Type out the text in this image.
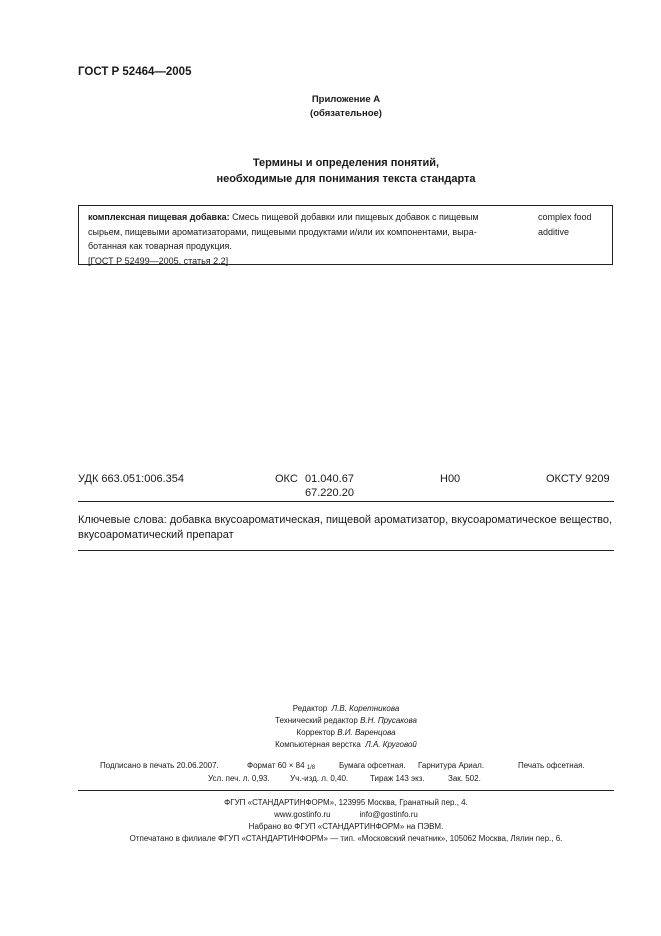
ГОСТ Р 52464—2005
Приложение А
(обязательное)
Термины и определения понятий,
необходимые для понимания текста стандарта
комплексная пищевая добавка: Смесь пищевой добавки или пищевых добавок с пищевым
сырьем, пищевыми ароматизаторами, пищевыми продуктами и/или их компонентами, выра-
ботанная как товарная продукция.
[ГОСТ Р 52499—2005, статья 2.2]
complex food
additive
УДК 663.051:006.354	ОКС 01.040.67
67.220.20
Н00	ОКСТУ 9209
Ключевые слова: добавка вкусоароматическая, пищевой ароматизатор, вкусоароматическое вещество,
вкусоароматический препарат
Редактор Л.В. Коретникова
Технический редактор В.Н. Прусакова
Корректор В.И. Варенцова
Компьютерная верстка Л.А. Круговой
Подписано в печать 20.06.2007.	Формат 60 × 84 1/8	Бумага офсетная. Гарнитура Ариал.	Печать офсетная.
Усл. печ. л. 0,93.	Уч.-изд. л. 0,40.	Тираж 143 экз.	Зак. 502.
ФГУП «СТАНДАРТИНФОРМ», 123995 Москва, Гранатный пер., 4.
www.gostinfo.ru	info@gostinfo.ru
Набрано во ФГУП «СТАНДАРТИНФОРМ» на ПЭВМ.
Отпечатано в филиале ФГУП «СТАНДАРТИНФОРМ» — тип. «Московский печатник», 105062 Москва, Лялин пер., 6.
